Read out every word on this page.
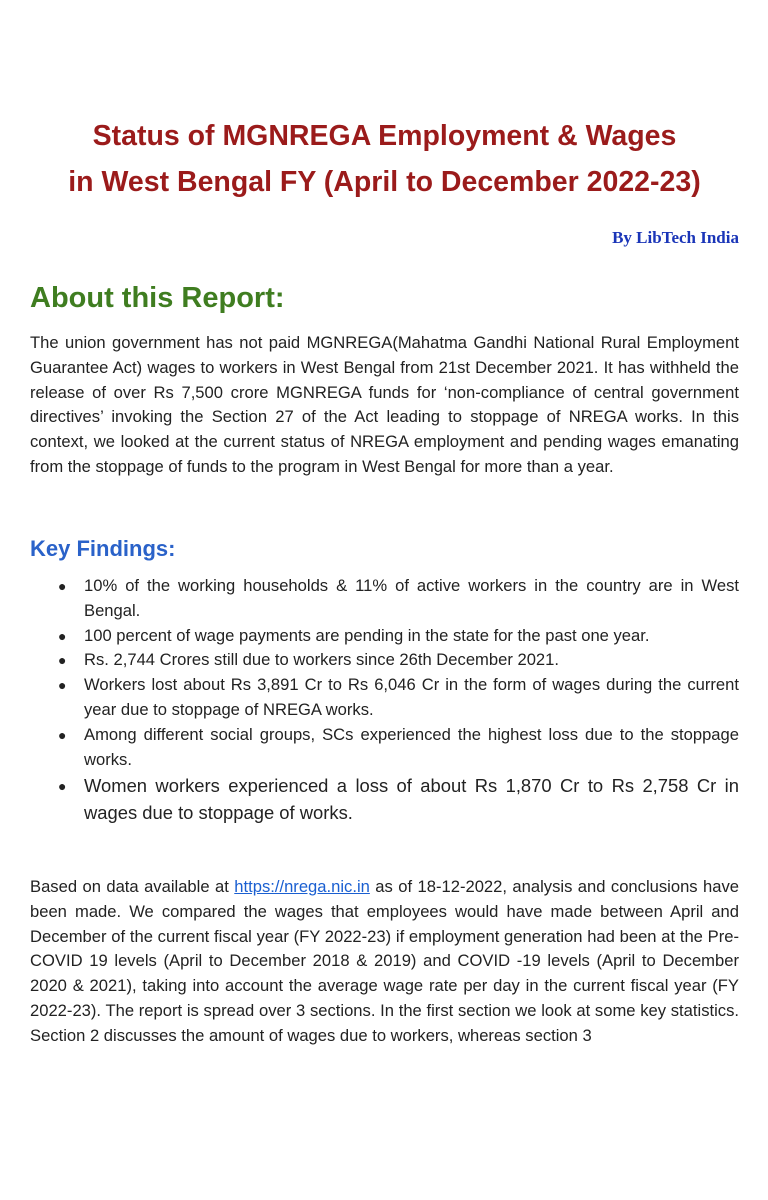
Status of MGNREGA Employment & Wages
in West Bengal FY (April to December 2022-23)
By LibTech India
About this Report:

The union government has not paid MGNREGA(Mahatma Gandhi National Rural Employment Guarantee Act) wages to workers in West Bengal from 21st December 2021. It has withheld the release of over Rs 7,500 crore MGNREGA funds for ‘non-compliance of central government directives’ invoking the Section 27 of the Act leading to stoppage of NREGA works. In this context, we looked at the current status of NREGA employment and pending wages emanating from the stoppage of funds to the program in West Bengal for more than a year.

Key Findings:
● 10% of the working households & 11% of active workers in the country are in West Bengal.
● 100 percent of wage payments are pending in the state for the past one year.
● Rs. 2,744 Crores still due to workers since 26th December 2021.
● Workers lost about Rs 3,891 Cr to Rs 6,046 Cr in the form of wages during the current year due to stoppage of NREGA works.
● Among different social groups, SCs experienced the highest loss due to the stoppage works.
● Women workers experienced a loss of about Rs 1,870 Cr to Rs 2,758 Cr in wages due to stoppage of works.

Based on data available at https://nrega.nic.in as of 18-12-2022, analysis and conclusions have been made. We compared the wages that employees would have made between April and December of the current fiscal year (FY 2022-23) if employment generation had been at the Pre-COVID 19 levels (April to December 2018 & 2019) and COVID -19 levels (April to December 2020 & 2021), taking into account the average wage rate per day in the current fiscal year (FY 2022-23). The report is spread over 3 sections. In the first section we look at some key statistics. Section 2 discusses the amount of wages due to workers, whereas section 3
